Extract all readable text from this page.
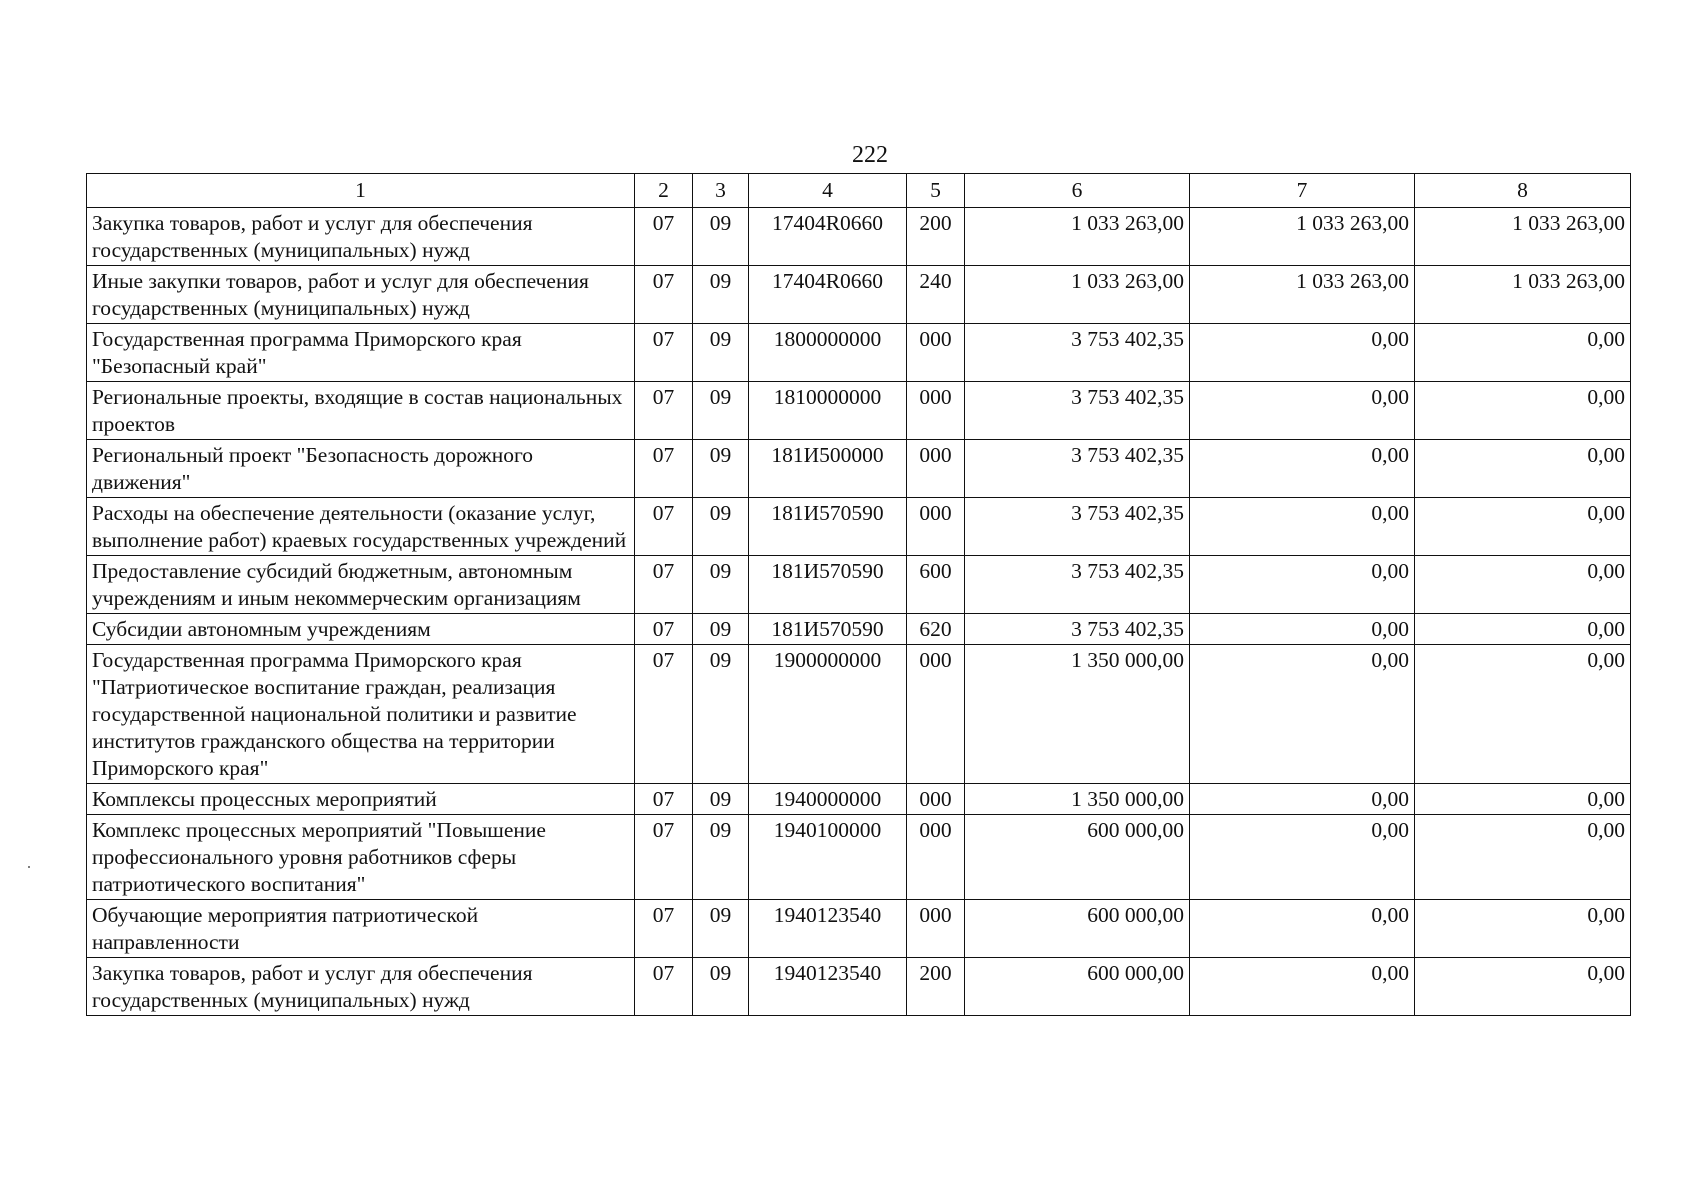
222
1	2	3	4	5	6	7	8
Закупка товаров, работ и услуг для обеспечения государственных (муниципальных) нужд	07	09	17404R0660	200	1 033 263,00	1 033 263,00	1 033 263,00
Иные закупки товаров, работ и услуг для обеспечения государственных (муниципальных) нужд	07	09	17404R0660	240	1 033 263,00	1 033 263,00	1 033 263,00
Государственная программа Приморского края "Безопасный край"	07	09	1800000000	000	3 753 402,35	0,00	0,00
Региональные проекты, входящие в состав национальных проектов	07	09	1810000000	000	3 753 402,35	0,00	0,00
Региональный проект "Безопасность дорожного движения"	07	09	181И500000	000	3 753 402,35	0,00	0,00
Расходы на обеспечение деятельности (оказание услуг, выполнение работ) краевых государственных учреждений	07	09	181И570590	000	3 753 402,35	0,00	0,00
Предоставление субсидий бюджетным, автономным учреждениям и иным некоммерческим организациям	07	09	181И570590	600	3 753 402,35	0,00	0,00
Субсидии автономным учреждениям	07	09	181И570590	620	3 753 402,35	0,00	0,00
Государственная программа Приморского края "Патриотическое воспитание граждан, реализация государственной национальной политики и развитие институтов гражданского общества на территории Приморского края"	07	09	1900000000	000	1 350 000,00	0,00	0,00
Комплексы процессных мероприятий	07	09	1940000000	000	1 350 000,00	0,00	0,00
Комплекс процессных мероприятий "Повышение профессионального уровня работников сферы патриотического воспитания"	07	09	1940100000	000	600 000,00	0,00	0,00
Обучающие мероприятия патриотической направленности	07	09	1940123540	000	600 000,00	0,00	0,00
Закупка товаров, работ и услуг для обеспечения государственных (муниципальных) нужд	07	09	1940123540	200	600 000,00	0,00	0,00
